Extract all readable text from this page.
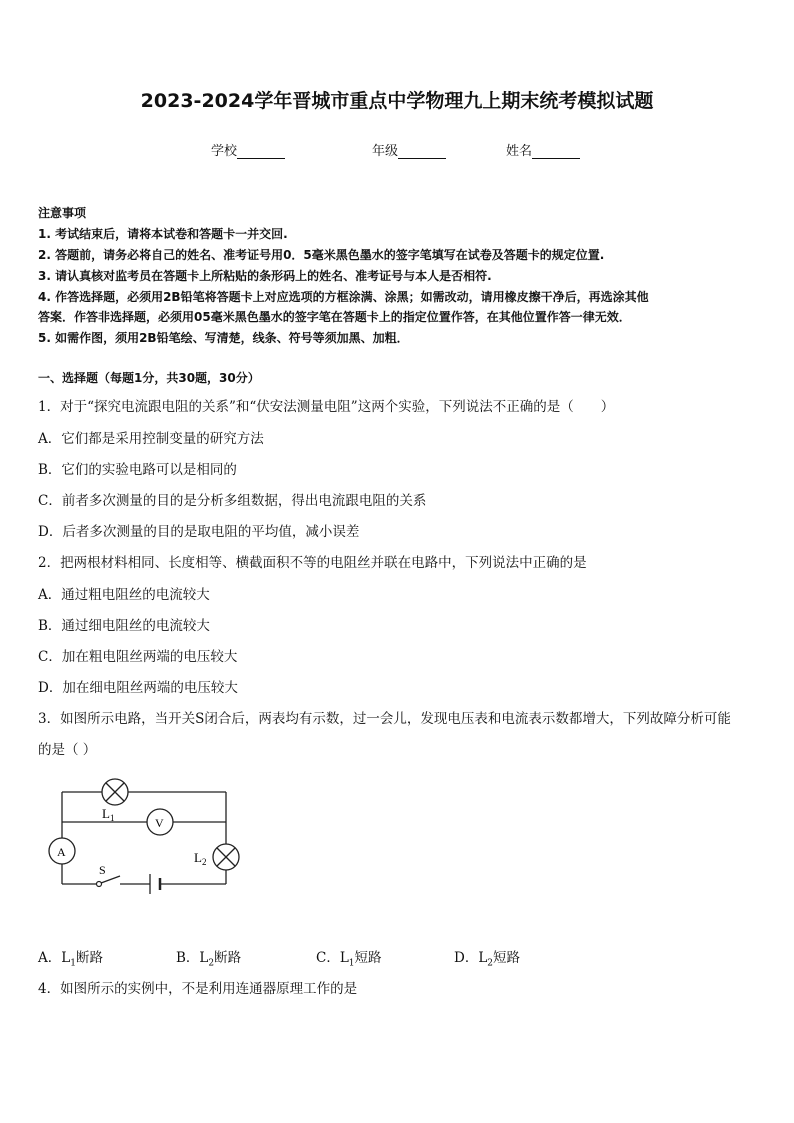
2023-2024学年晋城市重点中学物理九上期末统考模拟试题
学校	年级	姓名
注意事项
1. 考试结束后，请将本试卷和答题卡一并交回.
2. 答题前，请务必将自己的姓名、准考证号用0．5毫米黑色墨水的签字笔填写在试卷及答题卡的规定位置.
3. 请认真核对监考员在答题卡上所粘贴的条形码上的姓名、准考证号与本人是否相符.
4. 作答选择题，必须用2B铅笔将答题卡上对应选项的方框涂满、涂黑；如需改动，请用橡皮擦干净后，再选涂其他
答案．作答非选择题，必须用05毫米黑色墨水的签字笔在答题卡上的指定位置作答，在其他位置作答一律无效．
5. 如需作图，须用2B铅笔绘、写清楚，线条、符号等须加黑、加粗．
一、选择题（每题1分，共30题，30分）
1．对于“探究电流跟电阻的关系”和“伏安法测量电阻”这两个实验，下列说法不正确的是（　　）
A．它们都是采用控制变量的研究方法
B．它们的实验电路可以是相同的
C．前者多次测量的目的是分析多组数据，得出电流跟电阻的关系
D．后者多次测量的目的是取电阻的平均值，减小误差
2．把两根材料相同、长度相等、横截面积不等的电阻丝并联在电路中，下列说法中正确的是
A．通过粗电阻丝的电流较大
B．通过细电阻丝的电流较大
C．加在粗电阻丝两端的电压较大
D．加在细电阻丝两端的电压较大
3．如图所示电路，当开关S闭合后，两表均有示数，过一会儿，发现电压表和电流表示数都增大，下列故障分析可能
的是（ ）
$L_1$	V
A	$L_2$
S
A．$L_1$断路	B．$L_2$断路	C．$L_1$短路	D．$L_2$短路
4．如图所示的实例中，不是利用连通器原理工作的是
